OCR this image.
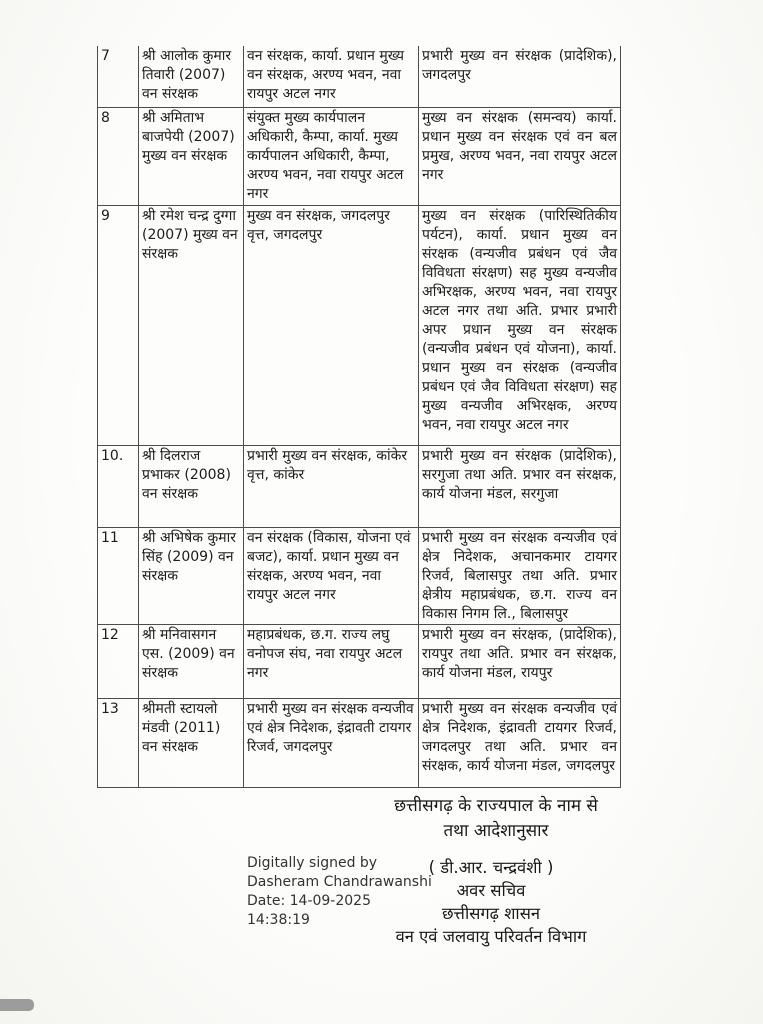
7	श्री आलोक कुमार तिवारी (2007) वन संरक्षक	वन संरक्षक, कार्या. प्रधान मुख्य वन संरक्षक, अरण्य भवन, नवा रायपुर अटल नगर	प्रभारी मुख्य वन संरक्षक (प्रादेशिक), जगदलपुर
8	श्री अमिताभ बाजपेयी (2007) मुख्य वन संरक्षक	संयुक्त मुख्य कार्यपालन अधिकारी, कैम्पा, कार्या. मुख्य कार्यपालन अधिकारी, कैम्पा, अरण्य भवन, नवा रायपुर अटल नगर	मुख्य वन संरक्षक (समन्वय) कार्या. प्रधान मुख्य वन संरक्षक एवं वन बल प्रमुख, अरण्य भवन, नवा रायपुर अटल नगर
9	श्री रमेश चन्द्र दुग्गा (2007) मुख्य वन संरक्षक	मुख्य वन संरक्षक, जगदलपुर वृत्त, जगदलपुर	मुख्य वन संरक्षक (पारिस्थितिकीय पर्यटन), कार्या. प्रधान मुख्य वन संरक्षक (वन्यजीव प्रबंधन एवं जैव विविधता संरक्षण) सह मुख्य वन्यजीव अभिरक्षक, अरण्य भवन, नवा रायपुर अटल नगर तथा अति. प्रभार प्रभारी अपर प्रधान मुख्य वन संरक्षक (वन्यजीव प्रबंधन एवं योजना), कार्या. प्रधान मुख्य वन संरक्षक (वन्यजीव प्रबंधन एवं जैव विविधता संरक्षण) सह मुख्य वन्यजीव अभिरक्षक, अरण्य भवन, नवा रायपुर अटल नगर
10.	श्री दिलराज प्रभाकर (2008) वन संरक्षक	प्रभारी मुख्य वन संरक्षक, कांकेर वृत्त, कांकेर	प्रभारी मुख्य वन संरक्षक (प्रादेशिक), सरगुजा तथा अति. प्रभार वन संरक्षक, कार्य योजना मंडल, सरगुजा
11	श्री अभिषेक कुमार सिंह (2009) वन संरक्षक	वन संरक्षक (विकास, योजना एवं बजट), कार्या. प्रधान मुख्य वन संरक्षक, अरण्य भवन, नवा रायपुर अटल नगर	प्रभारी मुख्य वन संरक्षक वन्यजीव एवं क्षेत्र निदेशक, अचानकमार टायगर रिजर्व, बिलासपुर तथा अति. प्रभार क्षेत्रीय महाप्रबंधक, छ.ग. राज्य वन विकास निगम लि., बिलासपुर
12	श्री मनिवासगन एस. (2009) वन संरक्षक	महाप्रबंधक, छ.ग. राज्य लघु वनोपज संघ, नवा रायपुर अटल नगर	प्रभारी मुख्य वन संरक्षक, (प्रादेशिक), रायपुर तथा अति. प्रभार वन संरक्षक, कार्य योजना मंडल, रायपुर
13	श्रीमती स्टायलो मंडवी (2011) वन संरक्षक	प्रभारी मुख्य वन संरक्षक वन्यजीव एवं क्षेत्र निदेशक, इंद्रावती टायगर रिजर्व, जगदलपुर	प्रभारी मुख्य वन संरक्षक वन्यजीव एवं क्षेत्र निदेशक, इंद्रावती टायगर रिजर्व, जगदलपुर तथा अति. प्रभार वन संरक्षक, कार्य योजना मंडल, जगदलपुर
छत्तीसगढ़ के राज्यपाल के नाम से
तथा आदेशानुसार
Digitally signed by
Dasheram Chandrawanshi
Date: 14-09-2025
14:38:19
( डी.आर. चन्द्रवंशी )
अवर सचिव
छत्तीसगढ़ शासन
वन एवं जलवायु परिवर्तन विभाग
